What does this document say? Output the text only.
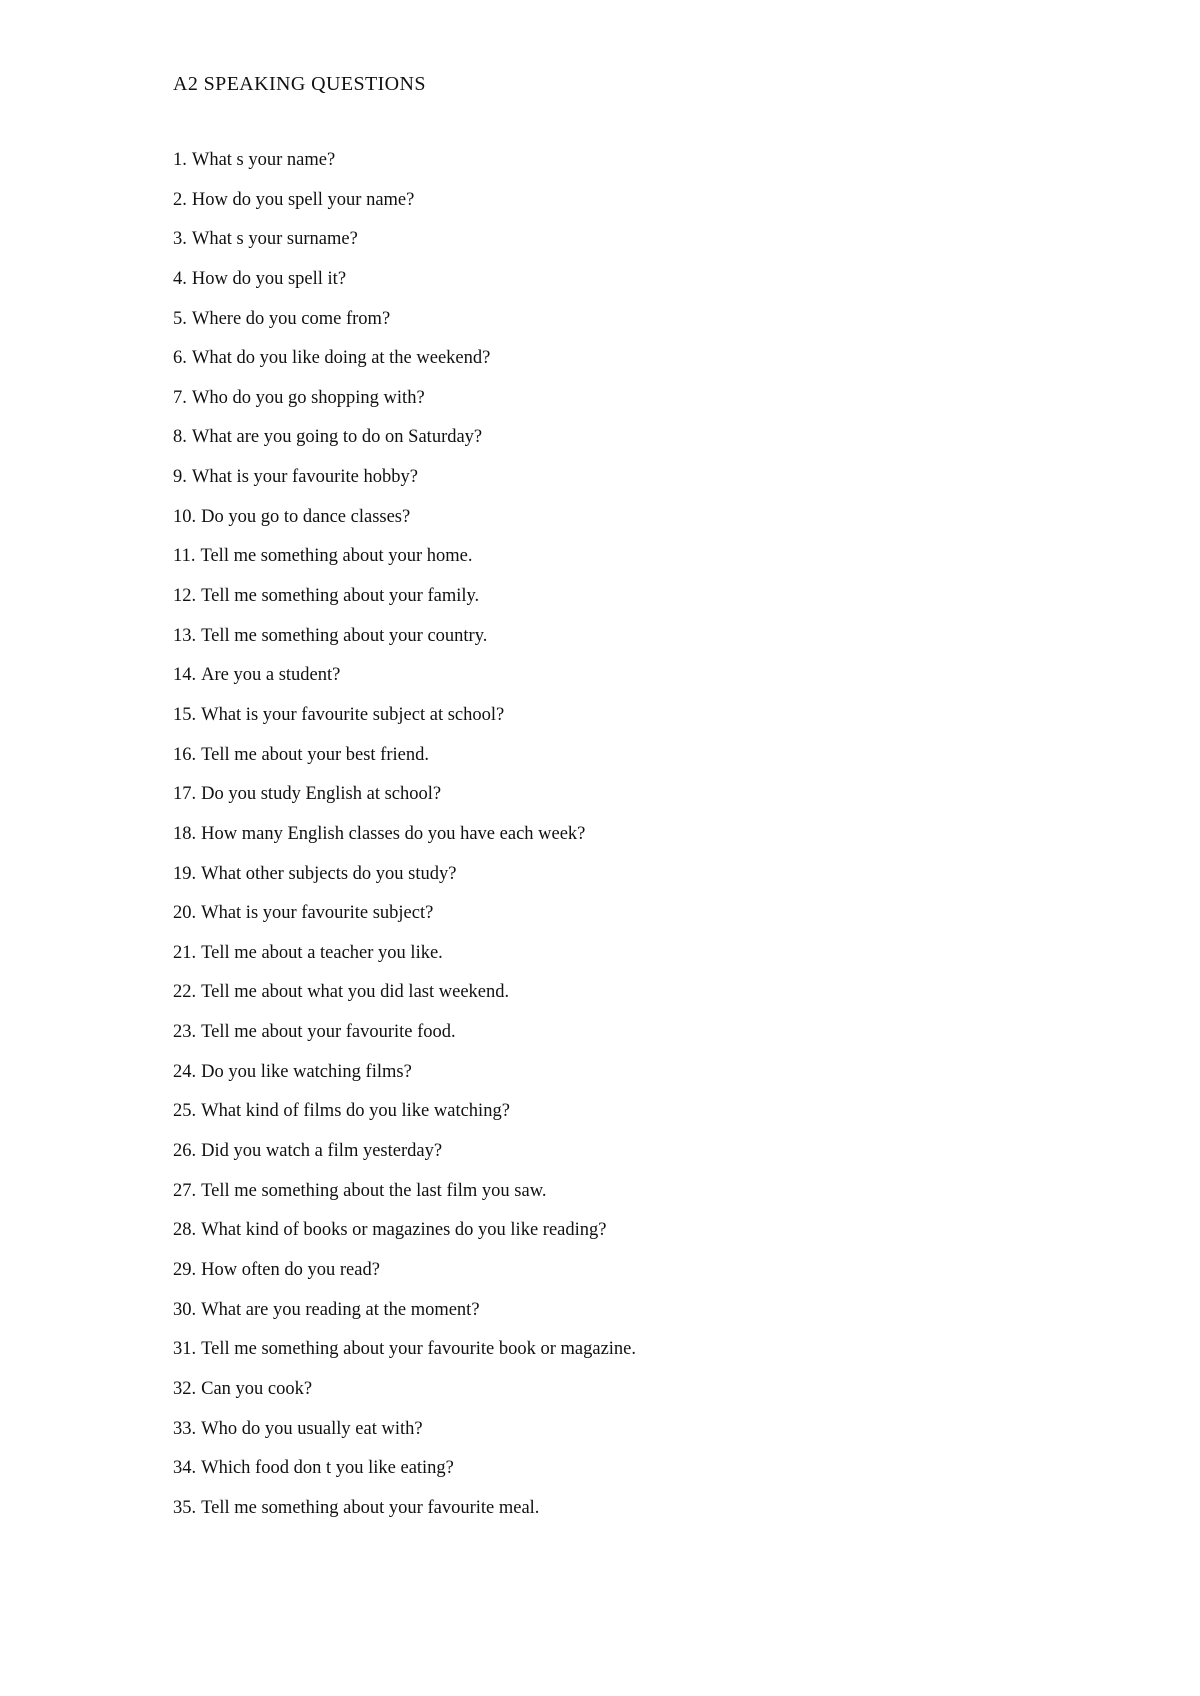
A2 SPEAKING QUESTIONS
1. What s your name?
2. How do you spell your name?
3. What s your surname?
4. How do you spell it?
5. Where do you come from?
6. What do you like doing at the weekend?
7. Who do you go shopping with?
8. What are you going to do on Saturday?
9. What is your favourite hobby?
10. Do you go to dance classes?
11. Tell me something about your home.
12. Tell me something about your family.
13. Tell me something about your country.
14. Are you a student?
15. What is your favourite subject at school?
16. Tell me about your best friend.
17. Do you study English at school?
18. How many English classes do you have each week?
19. What other subjects do you study?
20. What is your favourite subject?
21. Tell me about a teacher you like.
22. Tell me about what you did last weekend.
23. Tell me about your favourite food.
24. Do you like watching films?
25. What kind of films do you like watching?
26. Did you watch a film yesterday?
27. Tell me something about the last film you saw.
28. What kind of books or magazines do you like reading?
29. How often do you read?
30. What are you reading at the moment?
31. Tell me something about your favourite book or magazine.
32. Can you cook?
33. Who do you usually eat with?
34. Which food don t you like eating?
35. Tell me something about your favourite meal.
